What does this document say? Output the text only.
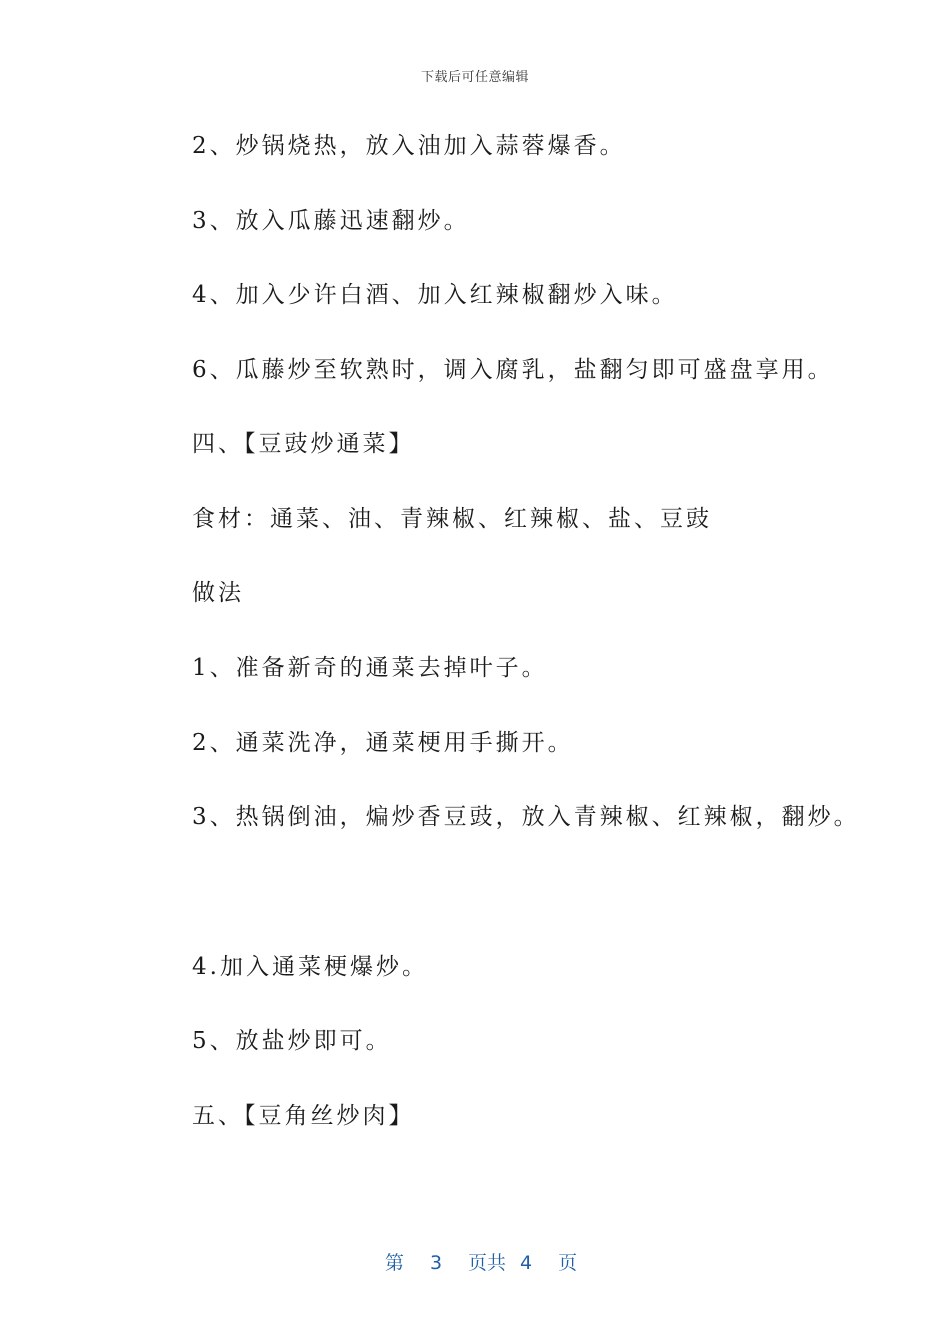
下载后可任意编辑
2、炒锅烧热，放入油加入蒜蓉爆香。
3、放入瓜藤迅速翻炒。
4、加入少许白酒、加入红辣椒翻炒入味。
6、瓜藤炒至软熟时，调入腐乳，盐翻匀即可盛盘享用。
四、【豆豉炒通菜】
食材：通菜、油、青辣椒、红辣椒、盐、豆豉
做法
1、准备新奇的通菜去掉叶子。
2、通菜洗净，通菜梗用手撕开。
3、热锅倒油，煸炒香豆豉，放入青辣椒、红辣椒，翻炒。
4.加入通菜梗爆炒。
5、放盐炒即可。
五、【豆角丝炒肉】

第 3 页共 4 页
